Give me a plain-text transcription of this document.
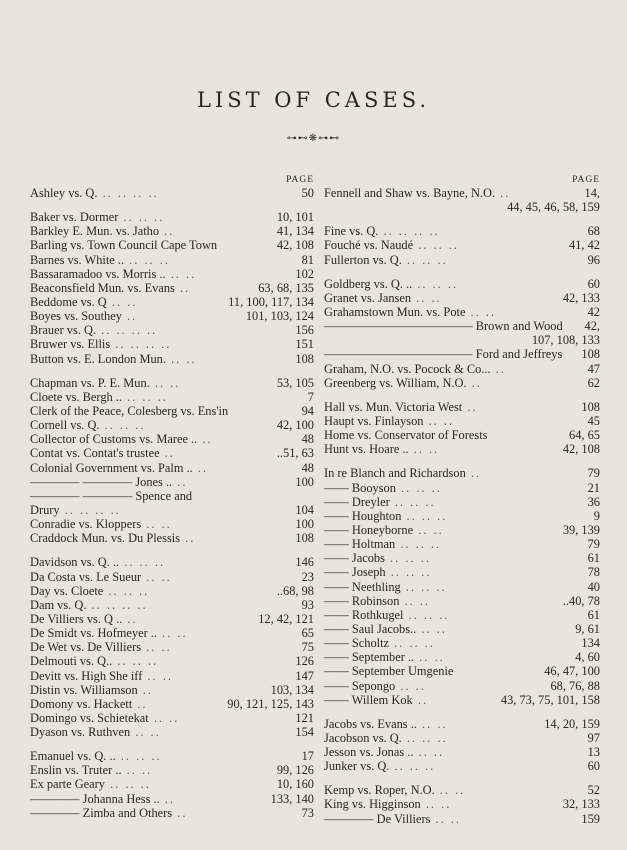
LIST OF CASES.
⊶⊷❋⊶⊷
PAGE
Ashley vs. Q. .. .. .. ..	50
Baker vs. Dormer .. .. ..	10, 101
Barkley E. Mun. vs. Jatho ..	41, 134
Barling vs. Town Council Cape Town	42, 108
Barnes vs. White .. .. .. ..	81
Bassaramadoo vs. Morris .. .. ..	102
Beaconsfield Mun. vs. Evans ..	63, 68, 135
Beddome vs. Q .. ..	11, 100, 117, 134
Boyes vs. Southey ..	101, 103, 124
Brauer vs. Q. .. .. .. ..	156
Bruwer vs. Ellis .. .. .. ..	151
Button vs. E. London Mun. .. ..	108
Chapman vs. P. E. Mun. .. ..	53, 105
Cloete vs. Bergh .. .. .. ..	7
Clerk of the Peace, Colesberg vs. Ens'in	94
Cornell vs. Q. .. .. ..	42, 100
Collector of Customs vs. Maree .. ..	48
Contat vs. Contat's trustee ..	..51, 63
Colonial Government vs. Palm .. ..	48
———— ———— Jones .. ..	100
———— ———— Spence and
Drury .. .. .. ..	104
Conradie vs. Kloppers .. ..	100
Craddock Mun. vs. Du Plessis ..	108
Davidson vs. Q. .. .. .. ..	146
Da Costa vs. Le Sueur .. ..	23
Day vs. Cloete .. .. ..	..68, 98
Dam vs. Q. .. .. .. ..	93
De Villiers vs. Q .. ..	12, 42, 121
De Smidt vs. Hofmeyer .. .. ..	65
De Wet vs. De Villiers .. ..	75
Delmouti vs. Q.. .. .. ..	126
Devitt vs. High She iff .. ..	147
Distin vs. Williamson ..	103, 134
Domony vs. Hackett ..	90, 121, 125, 143
Domingo vs. Schietekat .. ..	121
Dyason vs. Ruthven .. ..	154
Emanuel vs. Q. .. .. .. ..	17
Enslin vs. Truter .. .. ..	99, 126
Ex parte Geary .. .. ..	10, 160
———— Johanna Hess .. ..	133, 140
———— Zimba and Others ..	73
PAGE
Fennell and Shaw vs. Bayne, N.O. ..	14,
44, 45, 46, 58, 159
Fine vs. Q. .. .. .. ..	68
Fouché vs. Naudé .. .. ..	41, 42
Fullerton vs. Q. .. .. ..	96
Goldberg vs. Q. .. .. .. ..	60
Granet vs. Jansen .. ..	42, 133
Grahamstown Mun. vs. Pote .. ..	42
———————————— Brown and Wood 42,
107, 108, 133
———————————— Ford and Jeffreys 108
Graham, N.O. vs. Pocock & Co... ..	47
Greenberg vs. William, N.O. ..	62
Hall vs. Mun. Victoria West ..	108
Haupt vs. Finlayson .. ..	45
Home vs. Conservator of Forests	64, 65
Hunt vs. Hoare .. .. ..	42, 108
In re Blanch and Richardson ..	79
—— Booyson .. .. ..	21
—— Dreyler .. .. ..	36
—— Houghton .. .. ..	9
—— Honeyborne .. ..	39, 139
—— Holtman .. .. ..	79
—— Jacobs .. .. ..	61
—— Joseph .. .. ..	78
—— Neethling .. .. ..	40
—— Robinson .. ..	..40, 78
—— Rothkugel .. .. ..	61
—— Saul Jacobs.. .. ..	9, 61
—— Scholtz .. .. ..	134
—— September .. .. ..	4, 60
—— September Umgenie	46, 47, 100
—— Sepongo .. ..	68, 76, 88
—— Willem Kok ..	43, 73, 75, 101, 158
Jacobs vs. Evans .. .. ..	14, 20, 159
Jacobson vs. Q. .. .. ..	97
Jesson vs. Jonas .. .. ..	13
Junker vs. Q. .. .. ..	60
Kemp vs. Roper, N.O. .. ..	52
King vs. Higginson .. ..	32, 133
———— De Villiers .. ..	159
